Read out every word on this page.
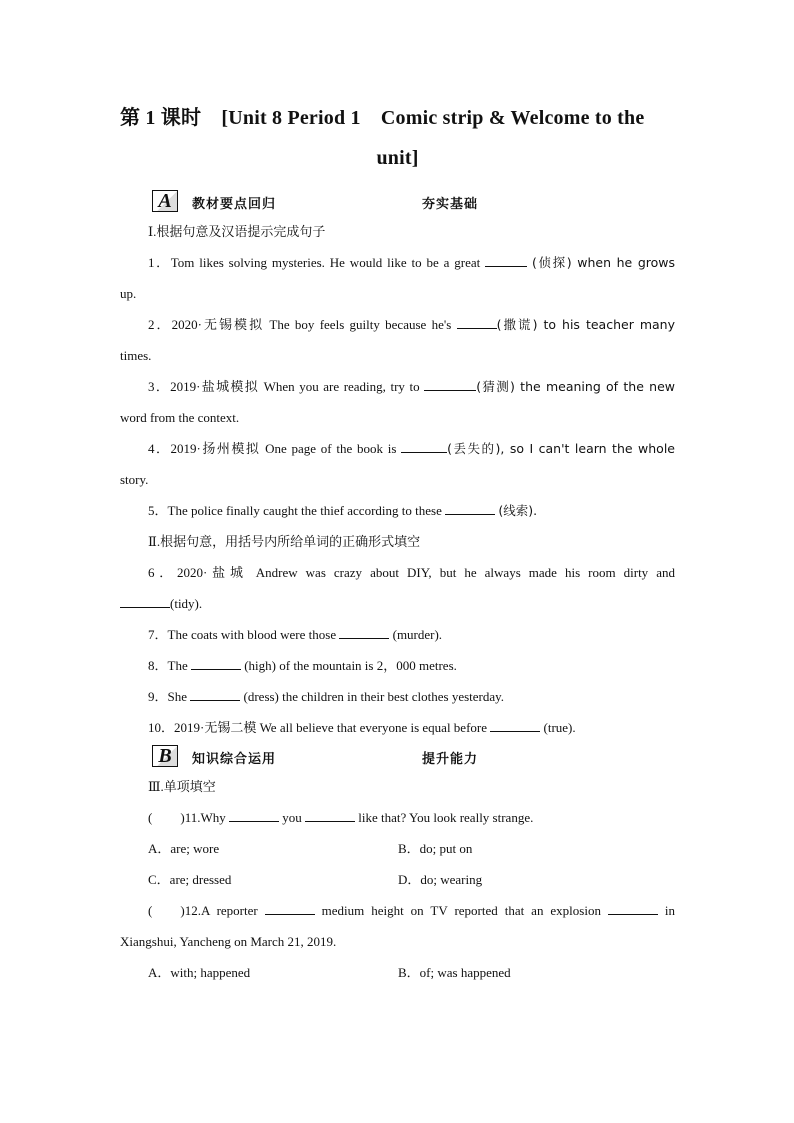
第 1 课时　[Unit 8 Period 1　Comic strip & Welcome to the
unit]
A	教材要点回归	夯实基础
Ⅰ.根据句意及汉语提示完成句子
1．Tom likes solving mysteries. He would like to be a great	(侦探) when he grows
up.
2．2020·无锡模拟 The boy feels guilty because he's	(撒谎) to his teacher many
times.
3．2019·盐城模拟 When you are reading, try to	(猜测) the meaning of the new
word from the context.
4．2019·扬州模拟 One page of the book is	(丢失的), so I can't learn the whole
story.
5．The police finally caught the thief according to these	(线索).
Ⅱ.根据句意，用括号内所给单词的正确形式填空
6．2020·盐城 Andrew was crazy about DIY, but he always made his room dirty and
(tidy).
7．The coats with blood were those	(murder).
8．The	(high) of the mountain is 2，000 metres.
9．She	(dress) the children in their best clothes yesterday.
10．2019·无锡二模 We all believe that everyone is equal before	(true).
B	知识综合运用	提升能力
Ⅲ.单项填空
( )11.Why	you	like that? You look really strange.
A．are; wore	B．do; put on
C．are; dressed	D．do; wearing
( )12.A reporter	medium height on TV reported that an explosion	in
Xiangshui, Yancheng on March 21, 2019.
A．with; happened	B．of; was happened
